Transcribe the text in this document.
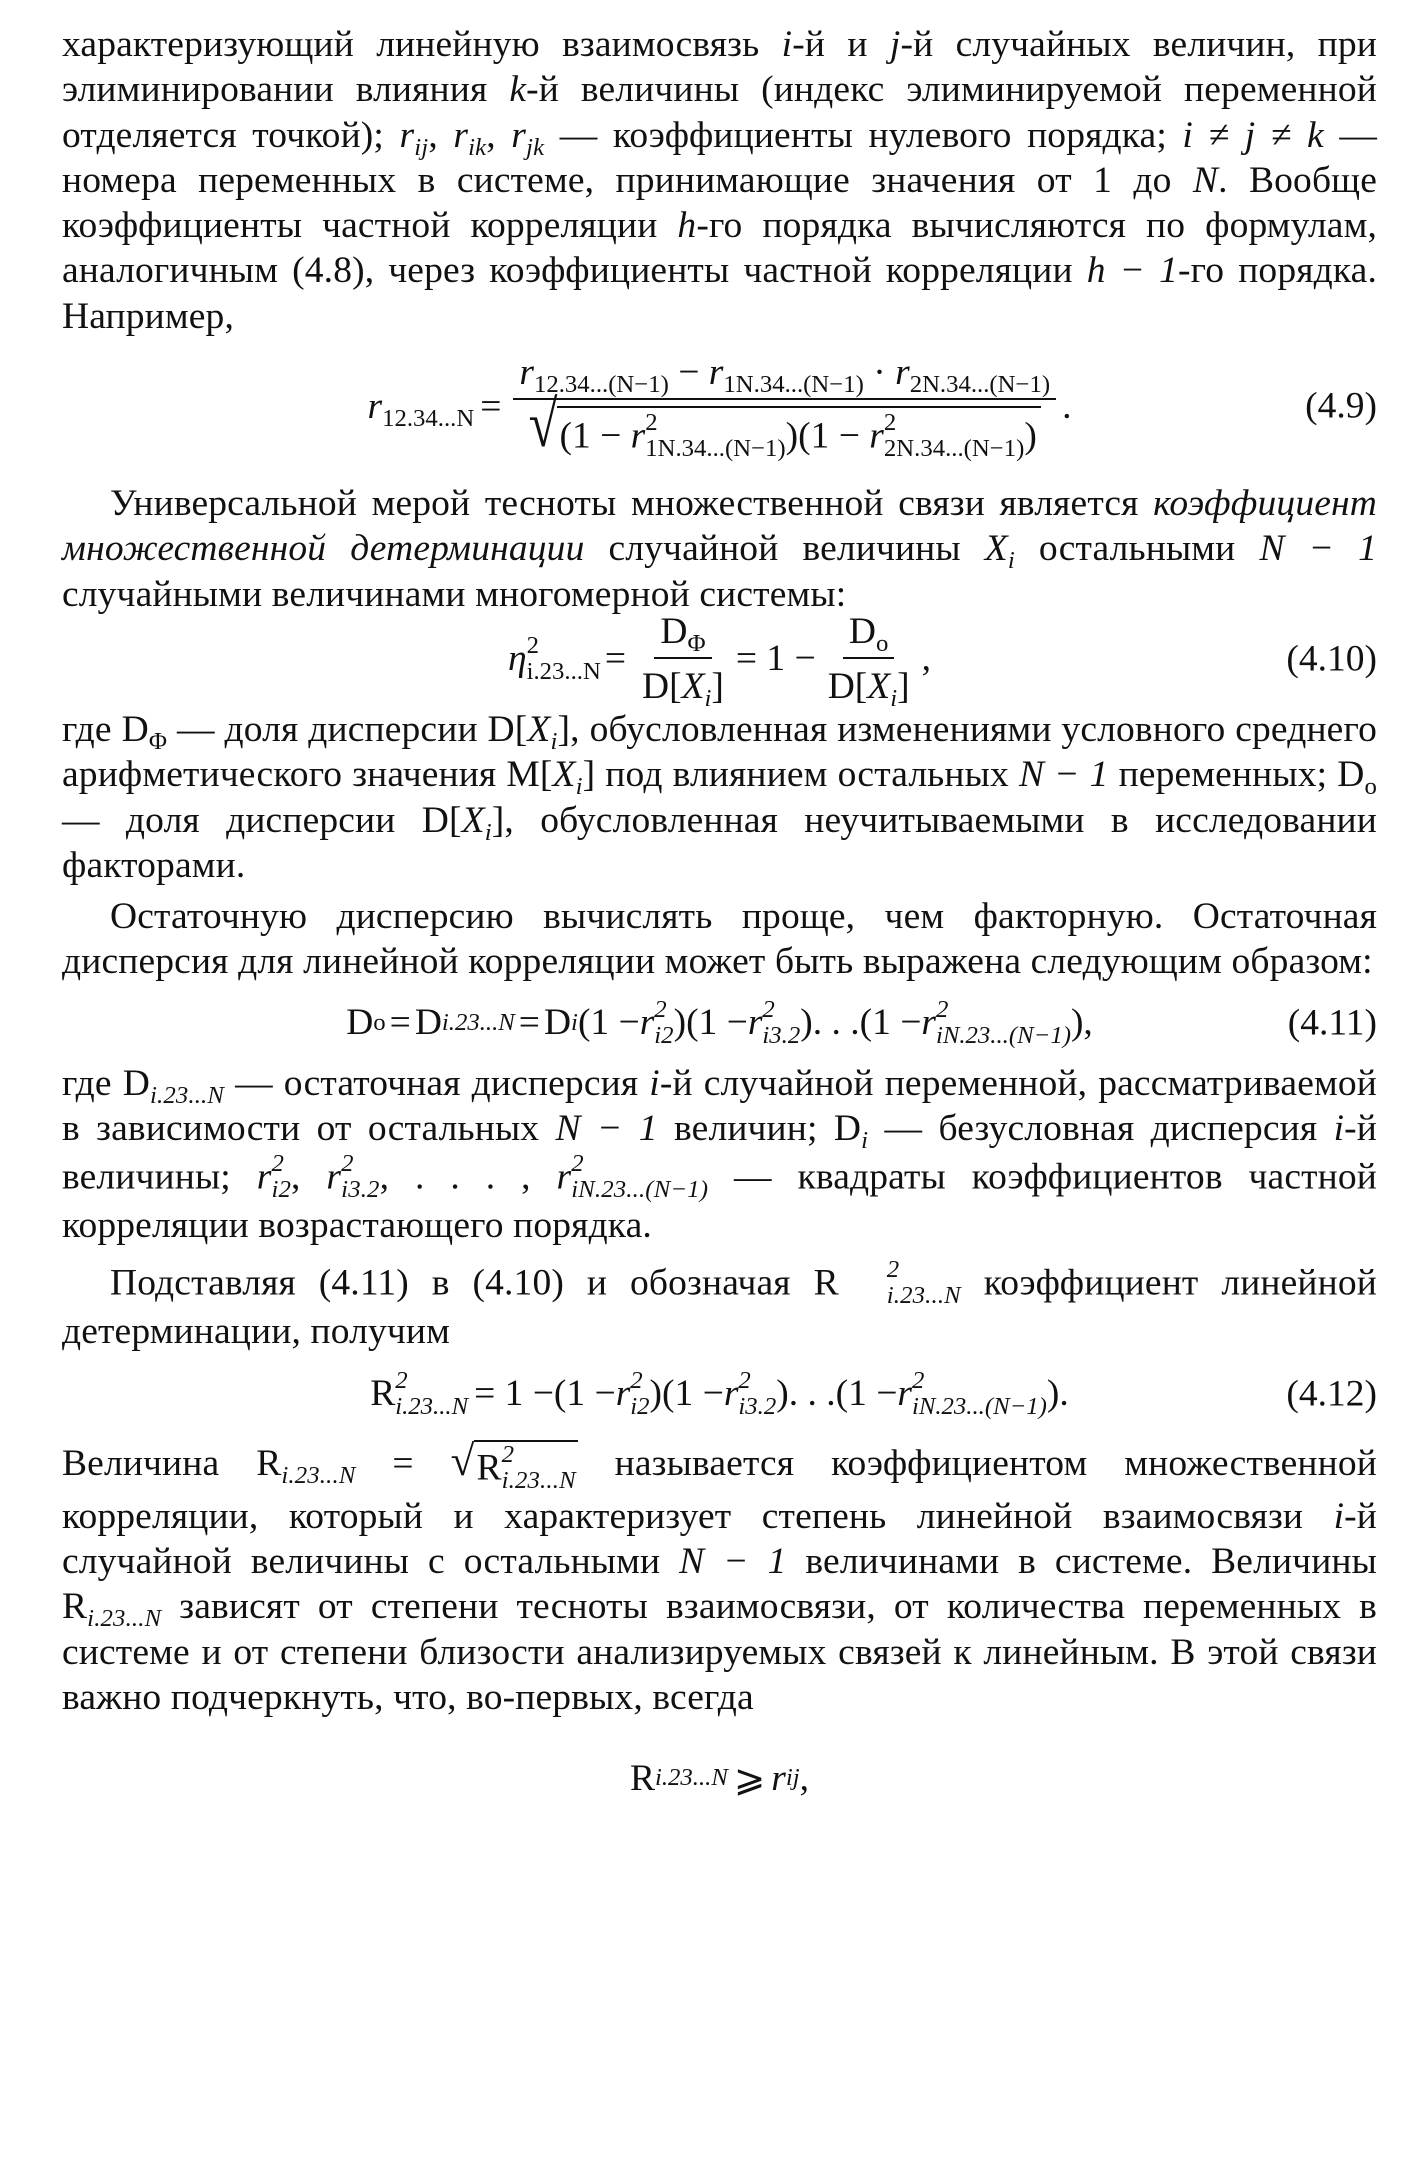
характеризующий линейную взаимосвязь i-й и j-й случайных величин, при элиминировании влияния k-й величины (индекс элиминируемой переменной отделяется точкой); $r_{ij}$, $r_{ik}$, $r_{jk}$ — коэффициенты нулевого порядка; i ≠ j ≠ k — номера переменных в системе, принимающие значения от 1 до N. Вообще коэффициенты частной корреляции h-го порядка вычисляются по формулам, аналогичным (4.8), через коэффициенты частной корреляции h − 1-го порядка. Например,

$r_{12.34...N} = r_{12.34...(N-1)} - r_{1N.34...(N-1)} \cdot r_{2N.34...(N-1)}$
√ (1 − r 2
1N.34...(N−1) )(1 − r 2
2N.34...(N−1) ) .	(4.9)

Универсальной мерой тесноты множественной связи является коэффициент множественной детерминации случайной величины $X_i$ остальными N − 1 случайными величинами многомерной системы:

η 2
$i.23...N = \frac{D_\Phi}{D[X_i]} = 1 - \frac{D_o}{D[X_i]}$ ,	(4.10)

где $D_\Phi$ — доля дисперсии $D[X_i]$, обусловленная изменениями условного среднего арифметического значения $M[X_i]$ под влиянием остальных N − 1 переменных; $D_o$ — доля дисперсии $D[X_i]$, обусловленная неучитываемыми в исследовании факторами.

Остаточную дисперсию вычислять проще, чем факторную. Остаточная дисперсия для линейной корреляции может быть выражена следующим образом:

D o = D i.23...N = D i (1 − r 2
i2 ) (1 − r 2
i3.2 ) . . . (1 − r 2
iN.23...(N−1) ),	(4.11)

где $D_{i.23...N}$ — остаточная дисперсия i-й случайной переменной, рассматриваемой в зависимости от остальных N − 1 величин; $D_i$ — безусловная дисперсия i-й величины; r 2
i2 , r 2
i3.2 , . . . , r 2
iN.23...(N−1) — квадраты коэффициентов частной корреляции возрастающего порядка.

Подставляя (4.11) в (4.10) и обозначая R	2
i.23...N коэффициент линейной детерминации, получим

R 2
i.23...N = 1 − (1 − r 2
i2 ) (1 − r 2
i3.2 ) . . . (1 − r 2
iN.23...(N−1) ).	(4.12)

Величина $R_{i.23...N}$ = √ R 2
i.23...N называется коэффициентом множественной корреляции, который и характеризует степень линейной взаимосвязи i-й случайной величины с остальными N − 1 величинами в системе. Величины $R_{i.23...N}$ зависят от степени тесноты взаимосвязи, от количества переменных в системе и от степени близости анализируемых связей к линейным. В этой связи важно подчеркнуть, что, во-первых, всегда

R i.23...N ⩾ r ij ,
